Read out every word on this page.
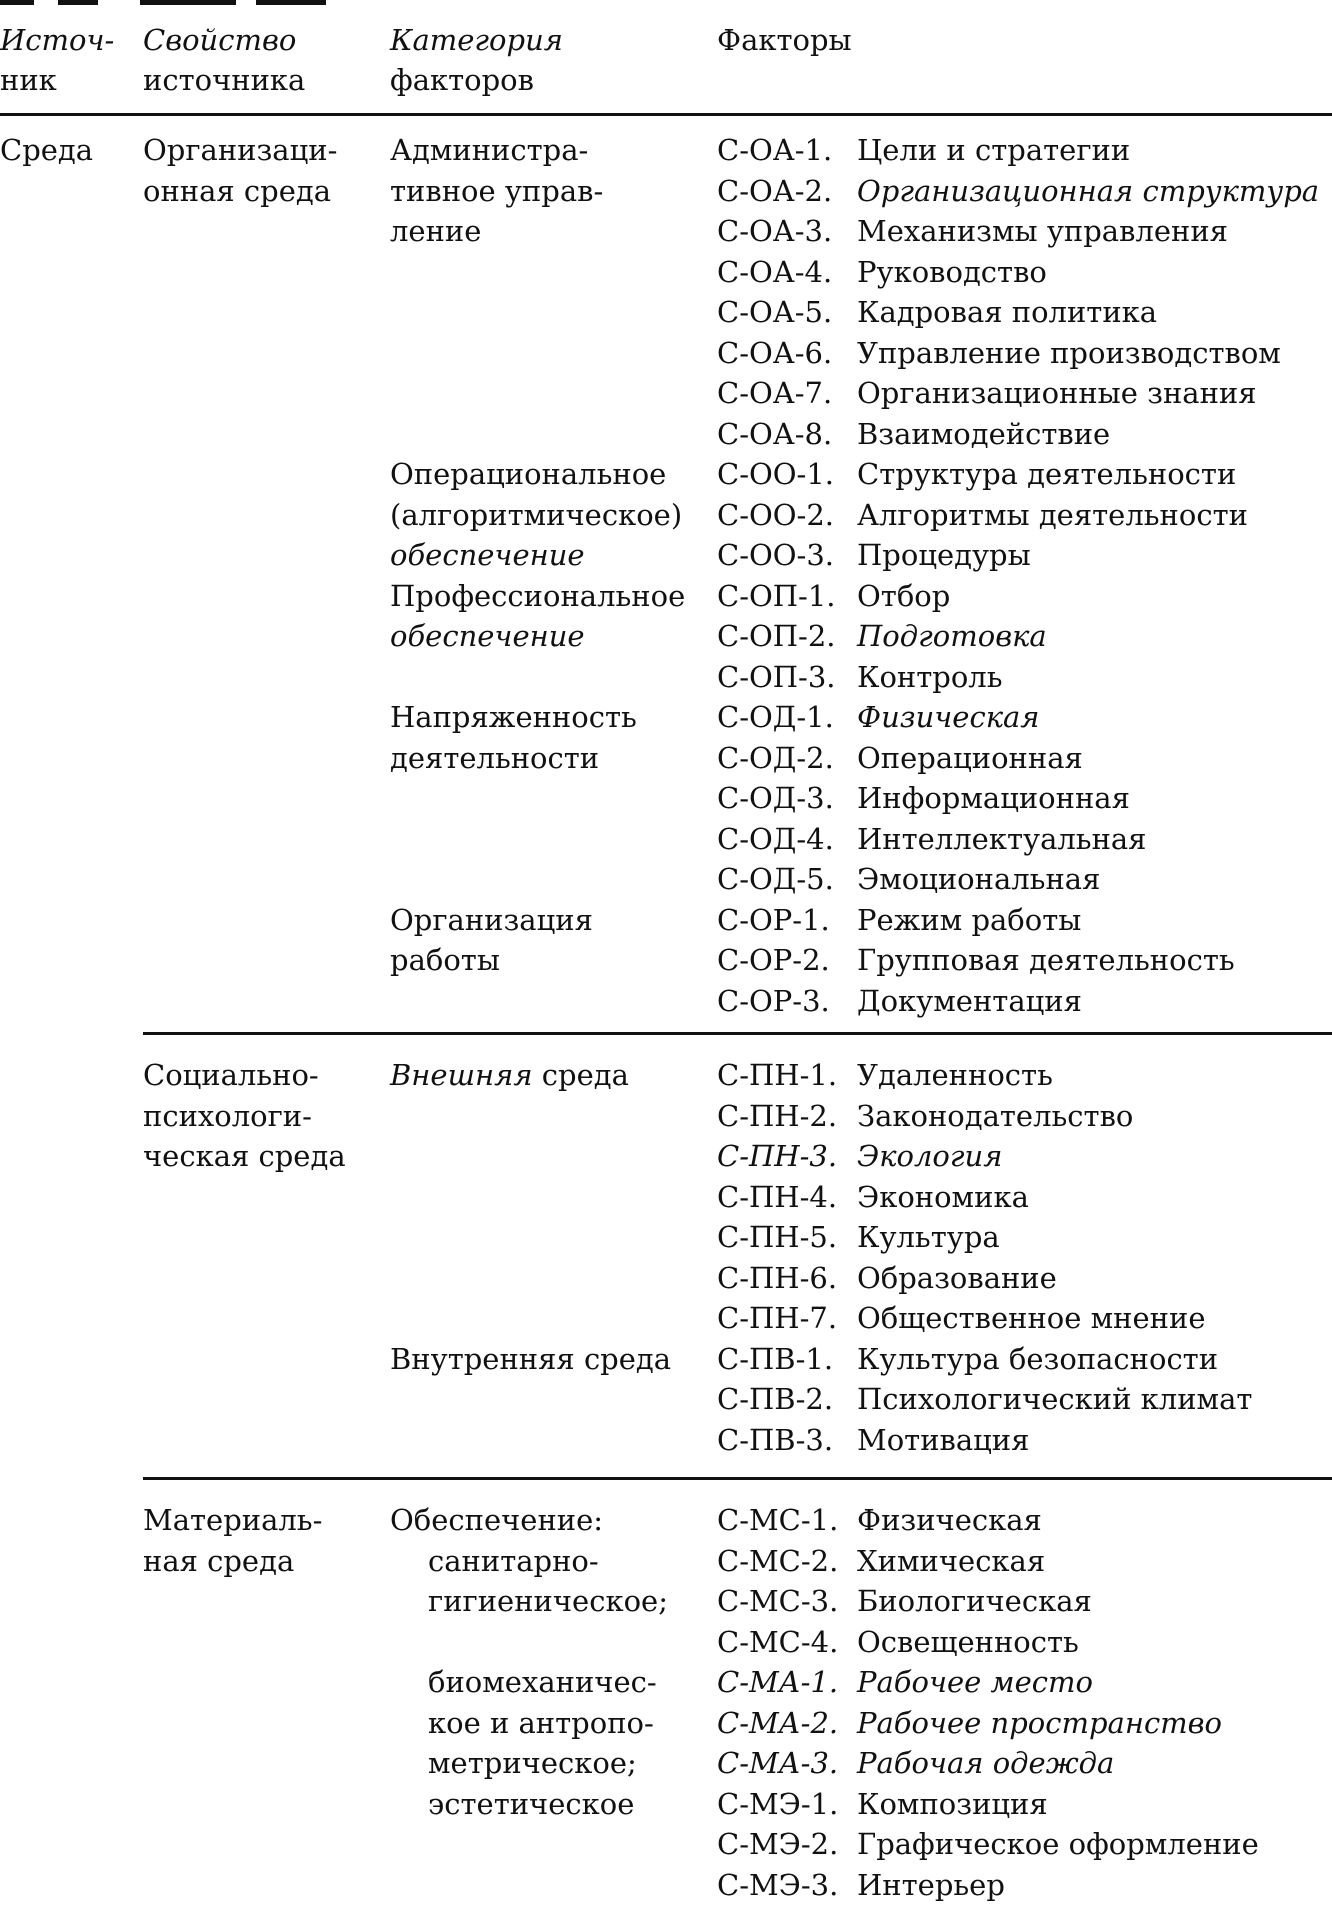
Источ-
ник
Свойство
источника
Категория
факторов
Факторы
Среда Организаци-
онная среда
Администра-
тивное управ-
ление
Операциональное
(алгоритмическое)
обеспечение
Профессиональное
обеспечение
Напряженность
деятельности
Организация
работы
С-ОА-1. Цели и стратегии
С-ОА-2. Организационная структура
С-ОА-3. Механизмы управления
С-ОА-4. Руководство
С-ОА-5. Кадровая политика
С-ОА-6. Управление производством
С-ОА-7. Организационные знания
С-ОА-8. Взаимодействие
С-ОО-1. Структура деятельности
С-ОО-2. Алгоритмы деятельности
С-ОО-3. Процедуры
С-ОП-1. Отбор
С-ОП-2. Подготовка
С-ОП-3. Контроль
С-ОД-1. Физическая
С-ОД-2. Операционная
С-ОД-3. Информационная
С-ОД-4. Интеллектуальная
С-ОД-5. Эмоциональная
С-ОР-1. Режим работы
С-ОР-2. Групповая деятельность
С-ОР-3. Документация
Социально-
психологи-
ческая среда
Внешняя среда
Внутренняя среда
С-ПН-1. Удаленность
С-ПН-2. Законодательство
С-ПН-3. Экология
С-ПН-4. Экономика
С-ПН-5. Культура
С-ПН-6. Образование
С-ПН-7. Общественное мнение
С-ПВ-1. Культура безопасности
С-ПВ-2. Психологический климат
С-ПВ-3. Мотивация
Материаль-
ная среда
Обеспечение:
санитарно-
гигиеническое;
биомеханичес-
кое и антропо-
метрическое;
эстетическое
С-МС-1. Физическая
С-МС-2. Химическая
С-МС-3. Биологическая
С-МС-4. Освещенность
С-МА-1. Рабочее место
С-МА-2. Рабочее пространство
С-МА-3. Рабочая одежда
С-МЭ-1. Композиция
С-МЭ-2. Графическое оформление
С-МЭ-3. Интерьер
